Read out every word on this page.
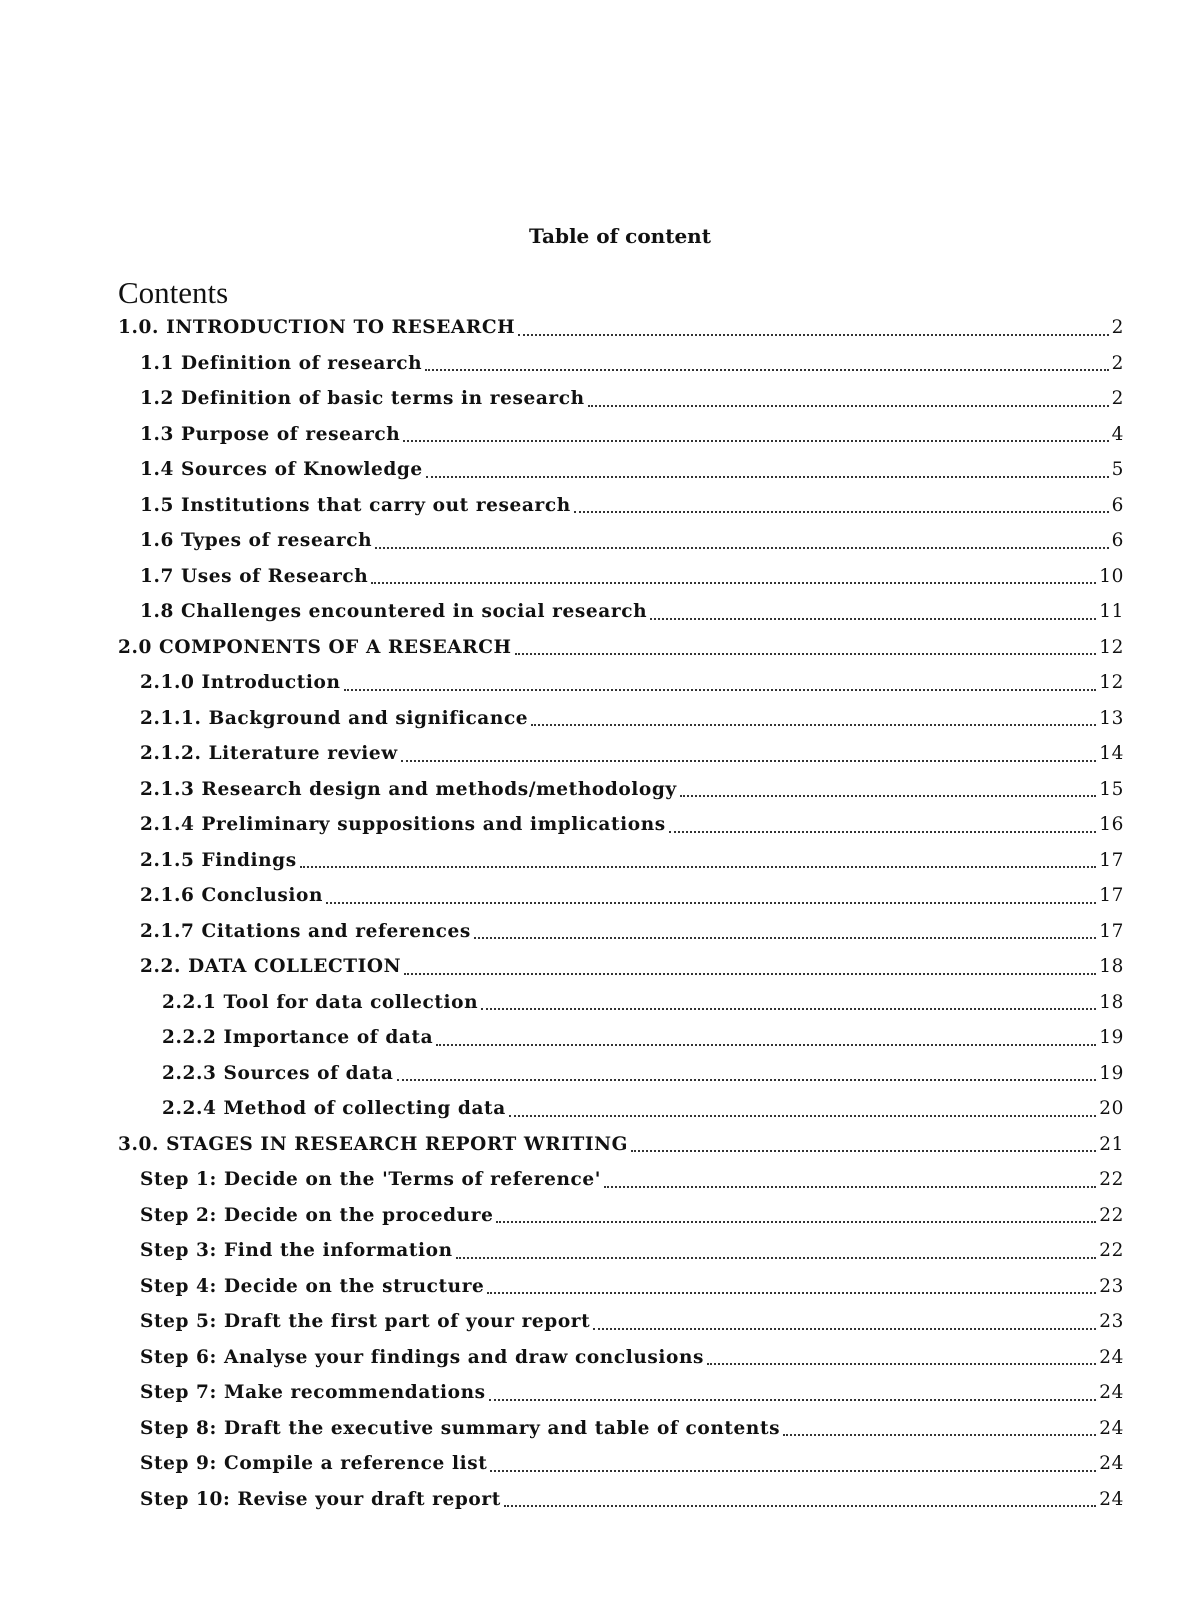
Table of content
Contents
1.0. INTRODUCTION TO RESEARCH	2
1.1 Definition of research	2
1.2 Definition of basic terms in research	2
1.3 Purpose of research	4
1.4 Sources of Knowledge	5
1.5 Institutions that carry out research	6
1.6 Types of research	6
1.7 Uses of Research	10
1.8 Challenges encountered in social research	11
2.0 COMPONENTS OF A RESEARCH	12
2.1.0 Introduction	12
2.1.1. Background and significance	13
2.1.2. Literature review	14
2.1.3 Research design and methods/methodology	15
2.1.4 Preliminary suppositions and implications	16
2.1.5 Findings	17
2.1.6 Conclusion	17
2.1.7 Citations and references	17
2.2. DATA COLLECTION	18
2.2.1 Tool for data collection	18
2.2.2 Importance of data	19
2.2.3 Sources of data	19
2.2.4 Method of collecting data	20
3.0. STAGES IN RESEARCH REPORT WRITING	21
Step 1: Decide on the 'Terms of reference'	22
Step 2: Decide on the procedure	22
Step 3: Find the information	22
Step 4: Decide on the structure	23
Step 5: Draft the first part of your report	23
Step 6: Analyse your findings and draw conclusions	24
Step 7: Make recommendations	24
Step 8: Draft the executive summary and table of contents	24
Step 9: Compile a reference list	24
Step 10: Revise your draft report	24
